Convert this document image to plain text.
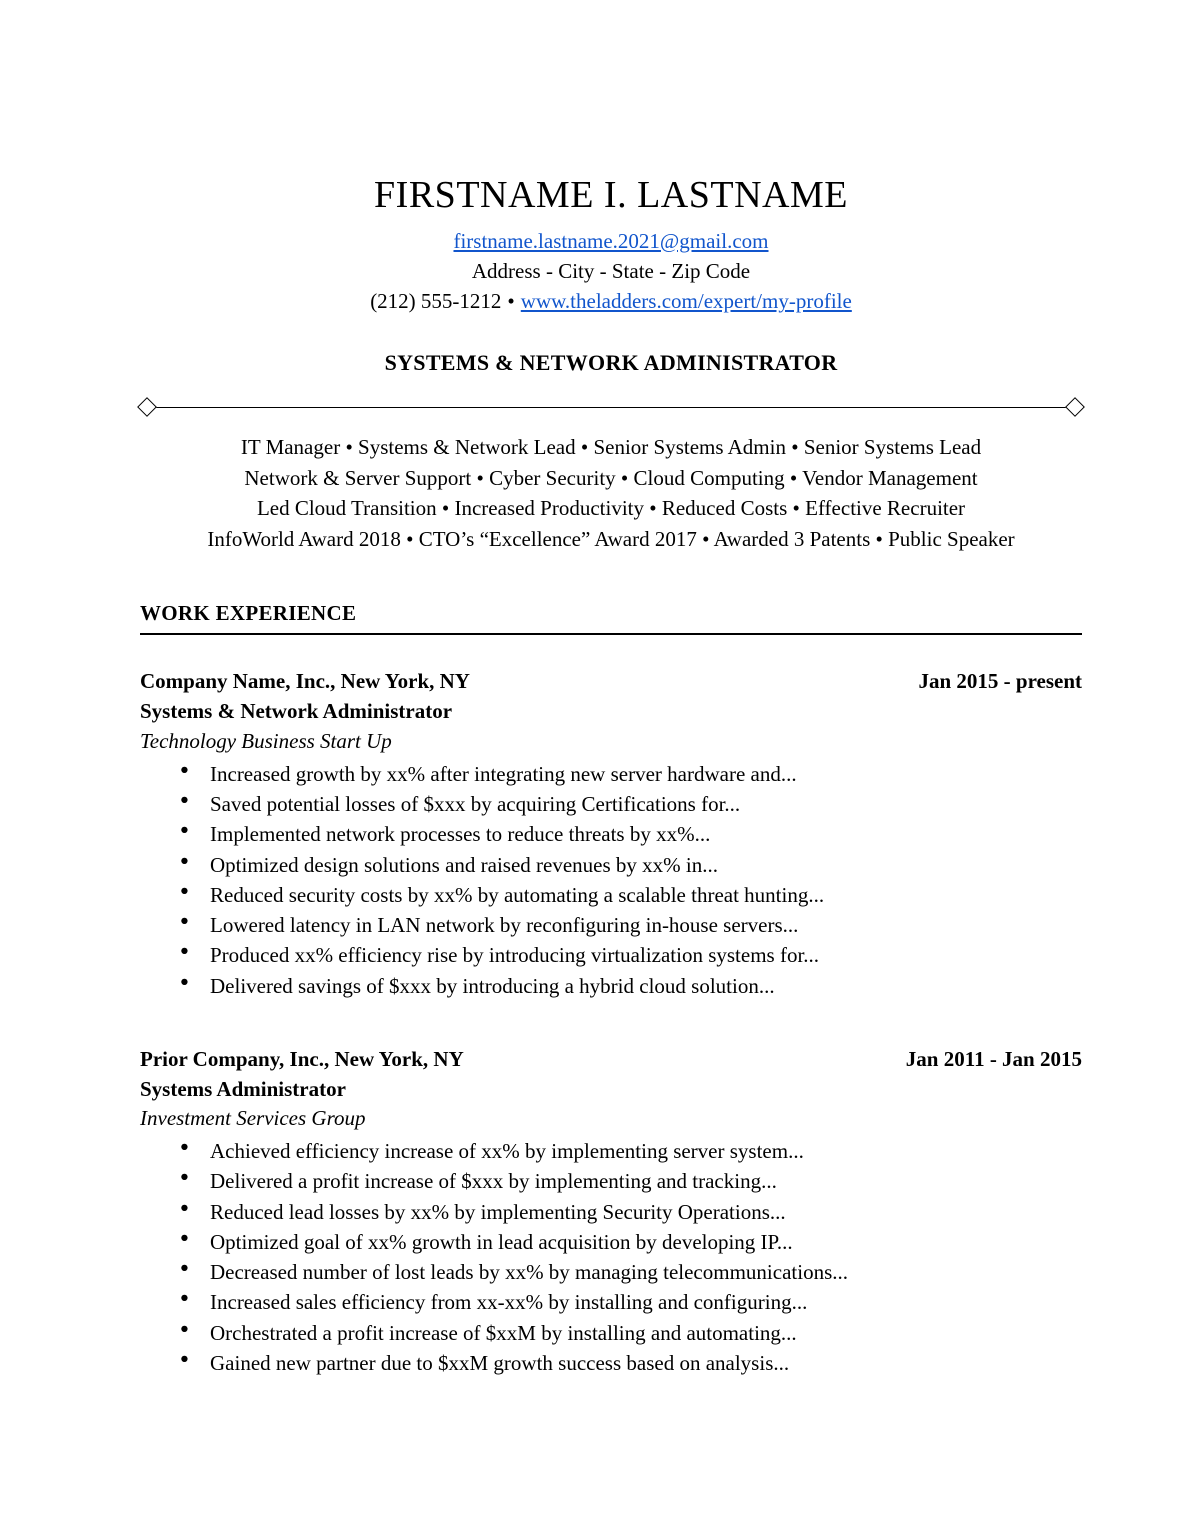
FIRSTNAME I. LASTNAME
firstname.lastname.2021@gmail.com
Address - City - State - Zip Code
(212) 555-1212 • www.theladders.com/expert/my-profile
SYSTEMS & NETWORK ADMINISTRATOR
IT Manager • Systems & Network Lead • Senior Systems Admin • Senior Systems Lead
Network & Server Support • Cyber Security • Cloud Computing • Vendor Management
Led Cloud Transition • Increased Productivity • Reduced Costs • Effective Recruiter
InfoWorld Award 2018 • CTO’s “Excellence” Award 2017 • Awarded 3 Patents • Public Speaker
WORK EXPERIENCE
Company Name, Inc., New York, NY	Jan 2015 - present
Systems & Network Administrator
Technology Business Start Up
● Increased growth by xx% after integrating new server hardware and...
● Saved potential losses of $xxx by acquiring Certifications for...
● Implemented network processes to reduce threats by xx%...
● Optimized design solutions and raised revenues by xx% in...
● Reduced security costs by xx% by automating a scalable threat hunting...
● Lowered latency in LAN network by reconfiguring in-house servers...
● Produced xx% efficiency rise by introducing virtualization systems for...
● Delivered savings of $xxx by introducing a hybrid cloud solution...
Prior Company, Inc., New York, NY	Jan 2011 - Jan 2015
Systems Administrator
Investment Services Group
● Achieved efficiency increase of xx% by implementing server system...
● Delivered a profit increase of $xxx by implementing and tracking...
● Reduced lead losses by xx% by implementing Security Operations...
● Optimized goal of xx% growth in lead acquisition by developing IP...
● Decreased number of lost leads by xx% by managing telecommunications...
● Increased sales efficiency from xx-xx% by installing and configuring...
● Orchestrated a profit increase of $xxM by installing and automating...
● Gained new partner due to $xxM growth success based on analysis...
